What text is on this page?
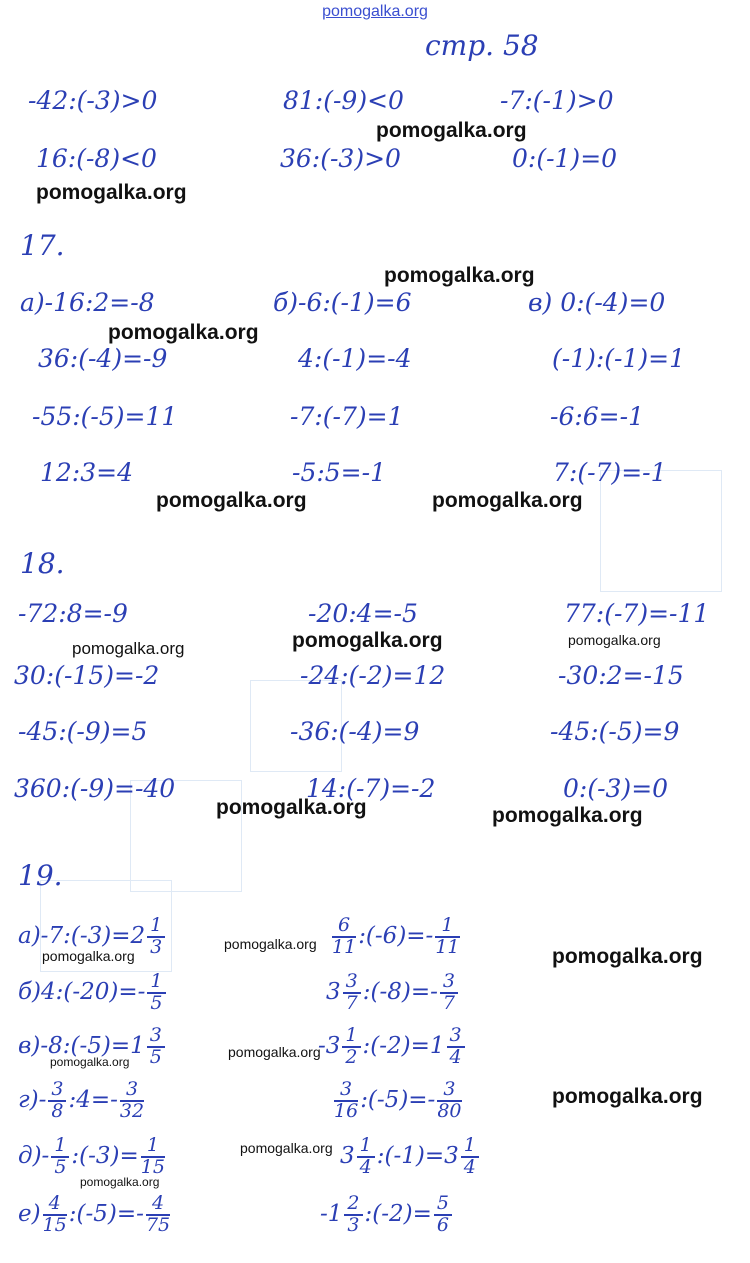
pomogalka.org
стр. 58
-42:(-3)>0	81:(-9)<0	-7:(-1)>0
16:(-8)<0	36:(-3)>0	0:(-1)=0
pomogalka.org
pomogalka.org
17.
pomogalka.org
а)-16:2=-8	б)-6:(-1)=6	в) 0:(-4)=0
pomogalka.org
36:(-4)=-9	4:(-1)=-4	(-1):(-1)=1
-55:(-5)=11	-7:(-7)=1	-6:6=-1
12:3=4	-5:5=-1	7:(-7)=-1
pomogalka.org	pomogalka.org
18.
-72:8=-9	-20:4=-5	77:(-7)=-11
pomogalka.org	pomogalka.org	pomogalka.org
30:(-15)=-2	-24:(-2)=12	-30:2=-15
-45:(-9)=5	-36:(-4)=9	-45:(-5)=9
360:(-9)=-40	14:(-7)=-2	0:(-3)=0
pomogalka.org	pomogalka.org
19.
а)-7:(-3)=2 $\frac{1}{3}$	$\frac{6}{11}$ :(-6)=- $\frac{1}{11}$
pomogalka.org
pomogalka.org	pomogalka.org
б)4:(-20)=- $\frac{1}{5}$	$3 \frac{3}{7}$ :(-8)=- $\frac{3}{7}$
в)-8:(-5)=1 $\frac{3}{5}$	$-3 \frac{1}{2}$ :(-2)=1 $\frac{3}{4}$
pomogalka.org
pomogalka.org
$г)- \frac{3}{8}$ :4=- $\frac{3}{32}$	$\frac{3}{16}$ :(-5)=- $\frac{3}{80}$	pomogalka.org
$д)- \frac{1}{5}$ :(-3)= $\frac{1}{15}$	$3 \frac{1}{4}$ :(-1)=3 $\frac{1}{4}$
pomogalka.org
pomogalka.org
$е) \frac{4}{15}$ :(-5)=- $\frac{4}{75}$	$-1 \frac{2}{3}$ :(-2)= $\frac{5}{6}$
